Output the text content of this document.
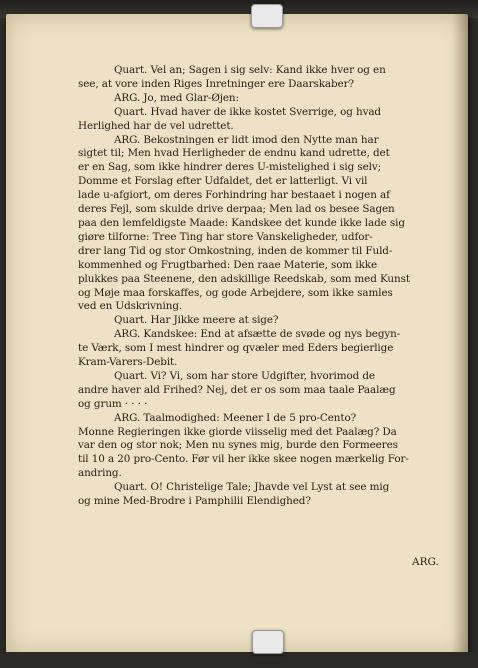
Quart. Vel an; Sagen i sig selv: Kand ikke hver og en
see, at vore inden Riges Inretninger ere Daarskaber?
ARG. Jo, med Glar-Øjen:
Quart. Hvad haver de ikke kostet Sverrige, og hvad
Herlighed har de vel udrettet.
ARG. Bekostningen er lidt imod den Nytte man har
sigtet til; Men hvad Herligheder de endnu kand udrette, det
er en Sag, som ikke hindrer deres U-mistelighed i sig selv;
Domme et Forslag efter Udfaldet, det er latterligt. Vi vil
lade u-afgiort, om deres Forhindring har bestaaet i nogen af
deres Fejl, som skulde drive derpaa; Men lad os besee Sagen
paa den lemfeldigste Maade: Kandskee det kunde ikke lade sig
giøre tilforne: Tree Ting har store Vanskeligheder, udfor-
drer lang Tid og stor Omkostning, inden de kommer til Fuld-
kommenhed og Frugtbarhed: Den raae Materie, som ikke
plukkes paa Steenene, den adskillige Reedskab, som med Kunst
og Møje maa forskaffes, og gode Arbejdere, som ikke samles
ved en Udskrivning.
Quart. Har Jikke meere at sige?
ARG. Kandskee: End at afsætte de svøde og nys begyn-
te Værk, som I mest hindrer og qvæler med Eders begierlige
Kram-Varers-Debit.
Quart. Vi? Vi, som har store Udgifter, hvorimod de
andre haver ald Frihed? Nej, det er os som maa taale Paalæg
og grum · · · ·
ARG. Taalmodighed: Meener I de 5 pro-Cento?
Monne Regieringen ikke giorde viisselig med det Paalæg? Da
var den og stor nok; Men nu synes mig, burde den Formeeres
til 10 a 20 pro-Cento. Før vil her ikke skee nogen mærkelig For-
andring.
Quart. O! Christelige Tale; Jhavde vel Lyst at see mig
og mine Med-Brodre i Pamphilii Elendighed?
ARG.
